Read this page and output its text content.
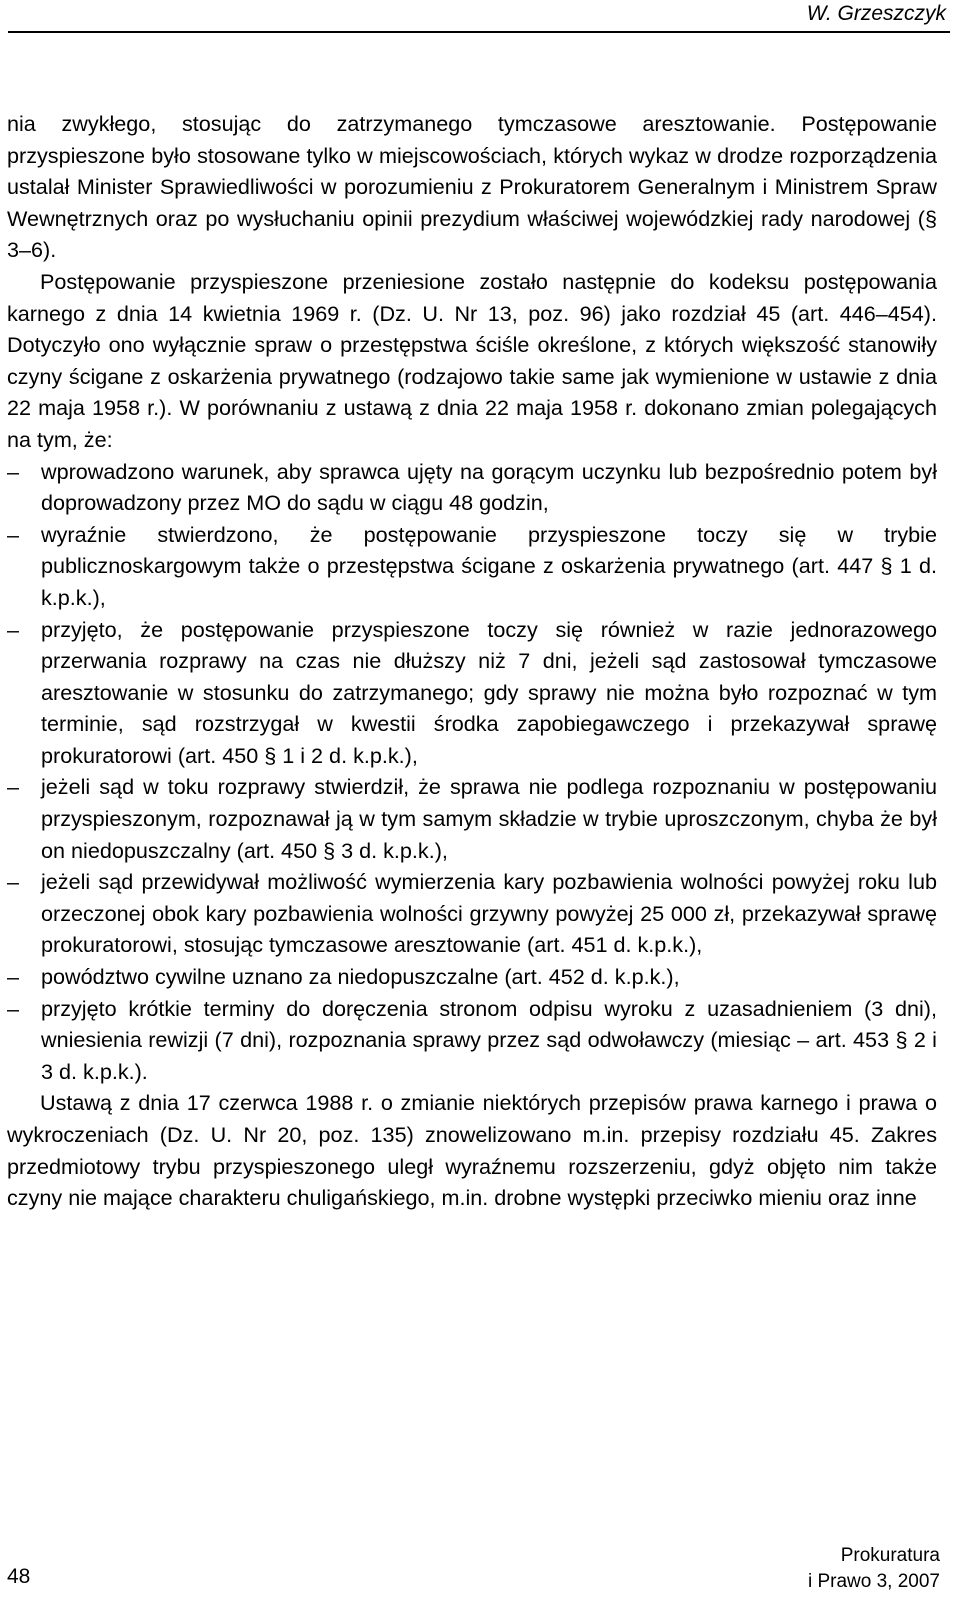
W. Grzeszczyk

nia zwykłego, stosując do zatrzymanego tymczasowe aresztowanie. Postępowanie przyspieszone było stosowane tylko w miejscowościach, których wykaz w drodze rozporządzenia ustalał Minister Sprawiedliwości w porozumieniu z Prokuratorem Generalnym i Ministrem Spraw Wewnętrznych oraz po wysłuchaniu opinii prezydium właściwej wojewódzkiej rady narodowej (§ 3–6).

Postępowanie przyspieszone przeniesione zostało następnie do kodeksu postępowania karnego z dnia 14 kwietnia 1969 r. (Dz. U. Nr 13, poz. 96) jako rozdział 45 (art. 446–454). Dotyczyło ono wyłącznie spraw o przestępstwa ściśle określone, z których większość stanowiły czyny ścigane z oskarżenia prywatnego (rodzajowo takie same jak wymienione w ustawie z dnia 22 maja 1958 r.). W porównaniu z ustawą z dnia 22 maja 1958 r. dokonano zmian polegających na tym, że:

– wprowadzono warunek, aby sprawca ujęty na gorącym uczynku lub bezpośrednio potem był doprowadzony przez MO do sądu w ciągu 48 godzin,
– wyraźnie stwierdzono, że postępowanie przyspieszone toczy się w trybie publicznoskargowym także o przestępstwa ścigane z oskarżenia prywatnego (art. 447 § 1 d. k.p.k.),
– przyjęto, że postępowanie przyspieszone toczy się również w razie jednorazowego przerwania rozprawy na czas nie dłuższy niż 7 dni, jeżeli sąd zastosował tymczasowe aresztowanie w stosunku do zatrzymanego; gdy sprawy nie można było rozpoznać w tym terminie, sąd rozstrzygał w kwestii środka zapobiegawczego i przekazywał sprawę prokuratorowi (art. 450 § 1 i 2 d. k.p.k.),
– jeżeli sąd w toku rozprawy stwierdził, że sprawa nie podlega rozpoznaniu w postępowaniu przyspieszonym, rozpoznawał ją w tym samym składzie w trybie uproszczonym, chyba że był on niedopuszczalny (art. 450 § 3 d. k.p.k.),
– jeżeli sąd przewidywał możliwość wymierzenia kary pozbawienia wolności powyżej roku lub orzeczonej obok kary pozbawienia wolności grzywny powyżej 25 000 zł, przekazywał sprawę prokuratorowi, stosując tymczasowe aresztowanie (art. 451 d. k.p.k.),
– powództwo cywilne uznano za niedopuszczalne (art. 452 d. k.p.k.),
– przyjęto krótkie terminy do doręczenia stronom odpisu wyroku z uzasadnieniem (3 dni), wniesienia rewizji (7 dni), rozpoznania sprawy przez sąd odwoławczy (miesiąc – art. 453 § 2 i 3 d. k.p.k.).

Ustawą z dnia 17 czerwca 1988 r. o zmianie niektórych przepisów prawa karnego i prawa o wykroczeniach (Dz. U. Nr 20, poz. 135) znowelizowano m.in. przepisy rozdziału 45. Zakres przedmiotowy trybu przyspieszonego uległ wyraźnemu rozszerzeniu, gdyż objęto nim także czyny nie mające charakteru chuligańskiego, m.in. drobne występki przeciwko mieniu oraz inne

48
Prokuratura
i Prawo 3, 2007
